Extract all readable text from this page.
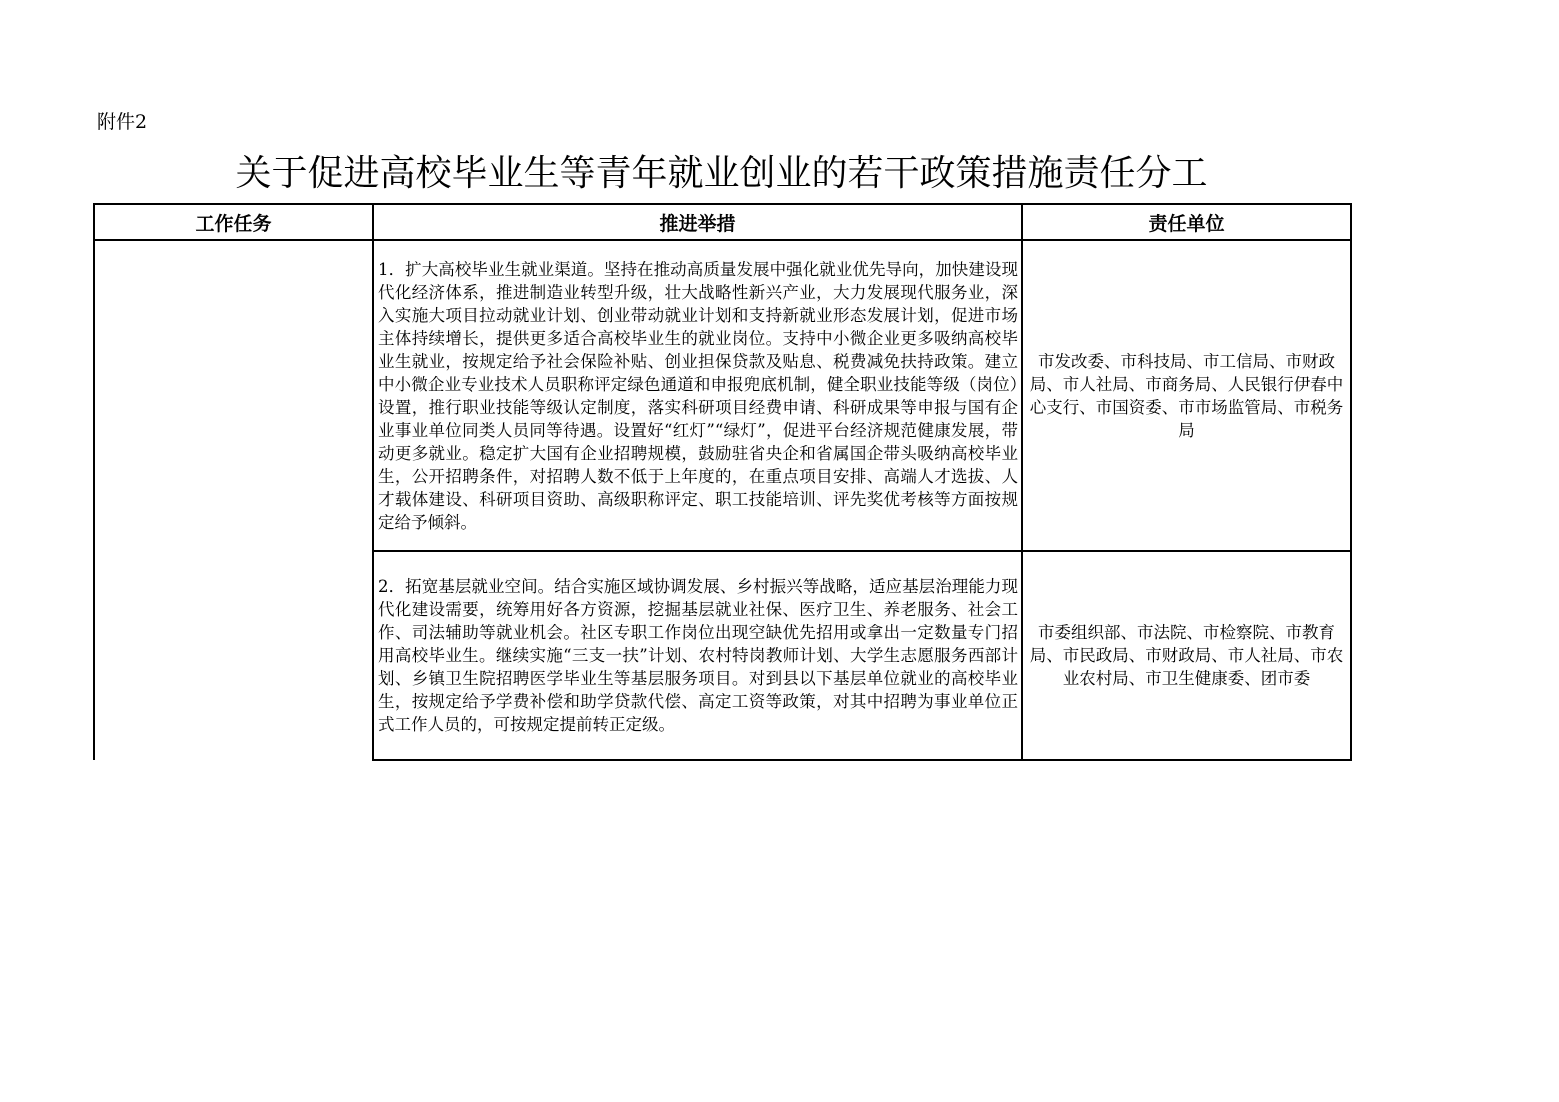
附件2
关于促进高校毕业生等青年就业创业的若干政策措施责任分工
工作任务	推进举措	责任单位

	1．扩大高校毕业生就业渠道。坚持在推动高质量发展中强化就业优先导向，加快建设现代化经济体系，推进制造业转型升级，壮大战略性新兴产业，大力发展现代服务业，深入实施大项目拉动就业计划、创业带动就业计划和支持新就业形态发展计划，促进市场主体持续增长，提供更多适合高校毕业生的就业岗位。支持中小微企业更多吸纳高校毕业生就业，按规定给予社会保险补贴、创业担保贷款及贴息、税费减免扶持政策。建立中小微企业专业技术人员职称评定绿色通道和申报兜底机制，健全职业技能等级（岗位）设置，推行职业技能等级认定制度，落实科研项目经费申请、科研成果等申报与国有企业事业单位同类人员同等待遇。设置好“红灯”“绿灯”，促进平台经济规范健康发展，带动更多就业。稳定扩大国有企业招聘规模，鼓励驻省央企和省属国企带头吸纳高校毕业生，公开招聘条件，对招聘人数不低于上年度的，在重点项目安排、高端人才选拔、人才载体建设、科研项目资助、高级职称评定、职工技能培训、评先奖优考核等方面按规定给予倾斜。	市发改委、市科技局、市工信局、市财政局、市人社局、市商务局、人民银行伊春中心支行、市国资委、市市场监管局、市税务局

	2．拓宽基层就业空间。结合实施区域协调发展、乡村振兴等战略，适应基层治理能力现代化建设需要，统筹用好各方资源，挖掘基层就业社保、医疗卫生、养老服务、社会工作、司法辅助等就业机会。社区专职工作岗位出现空缺优先招用或拿出一定数量专门招用高校毕业生。继续实施“三支一扶”计划、农村特岗教师计划、大学生志愿服务西部计划、乡镇卫生院招聘医学毕业生等基层服务项目。对到县以下基层单位就业的高校毕业生，按规定给予学费补偿和助学贷款代偿、高定工资等政策，对其中招聘为事业单位正式工作人员的，可按规定提前转正定级。	市委组织部、市法院、市检察院、市教育局、市民政局、市财政局、市人社局、市农业农村局、市卫生健康委、团市委
